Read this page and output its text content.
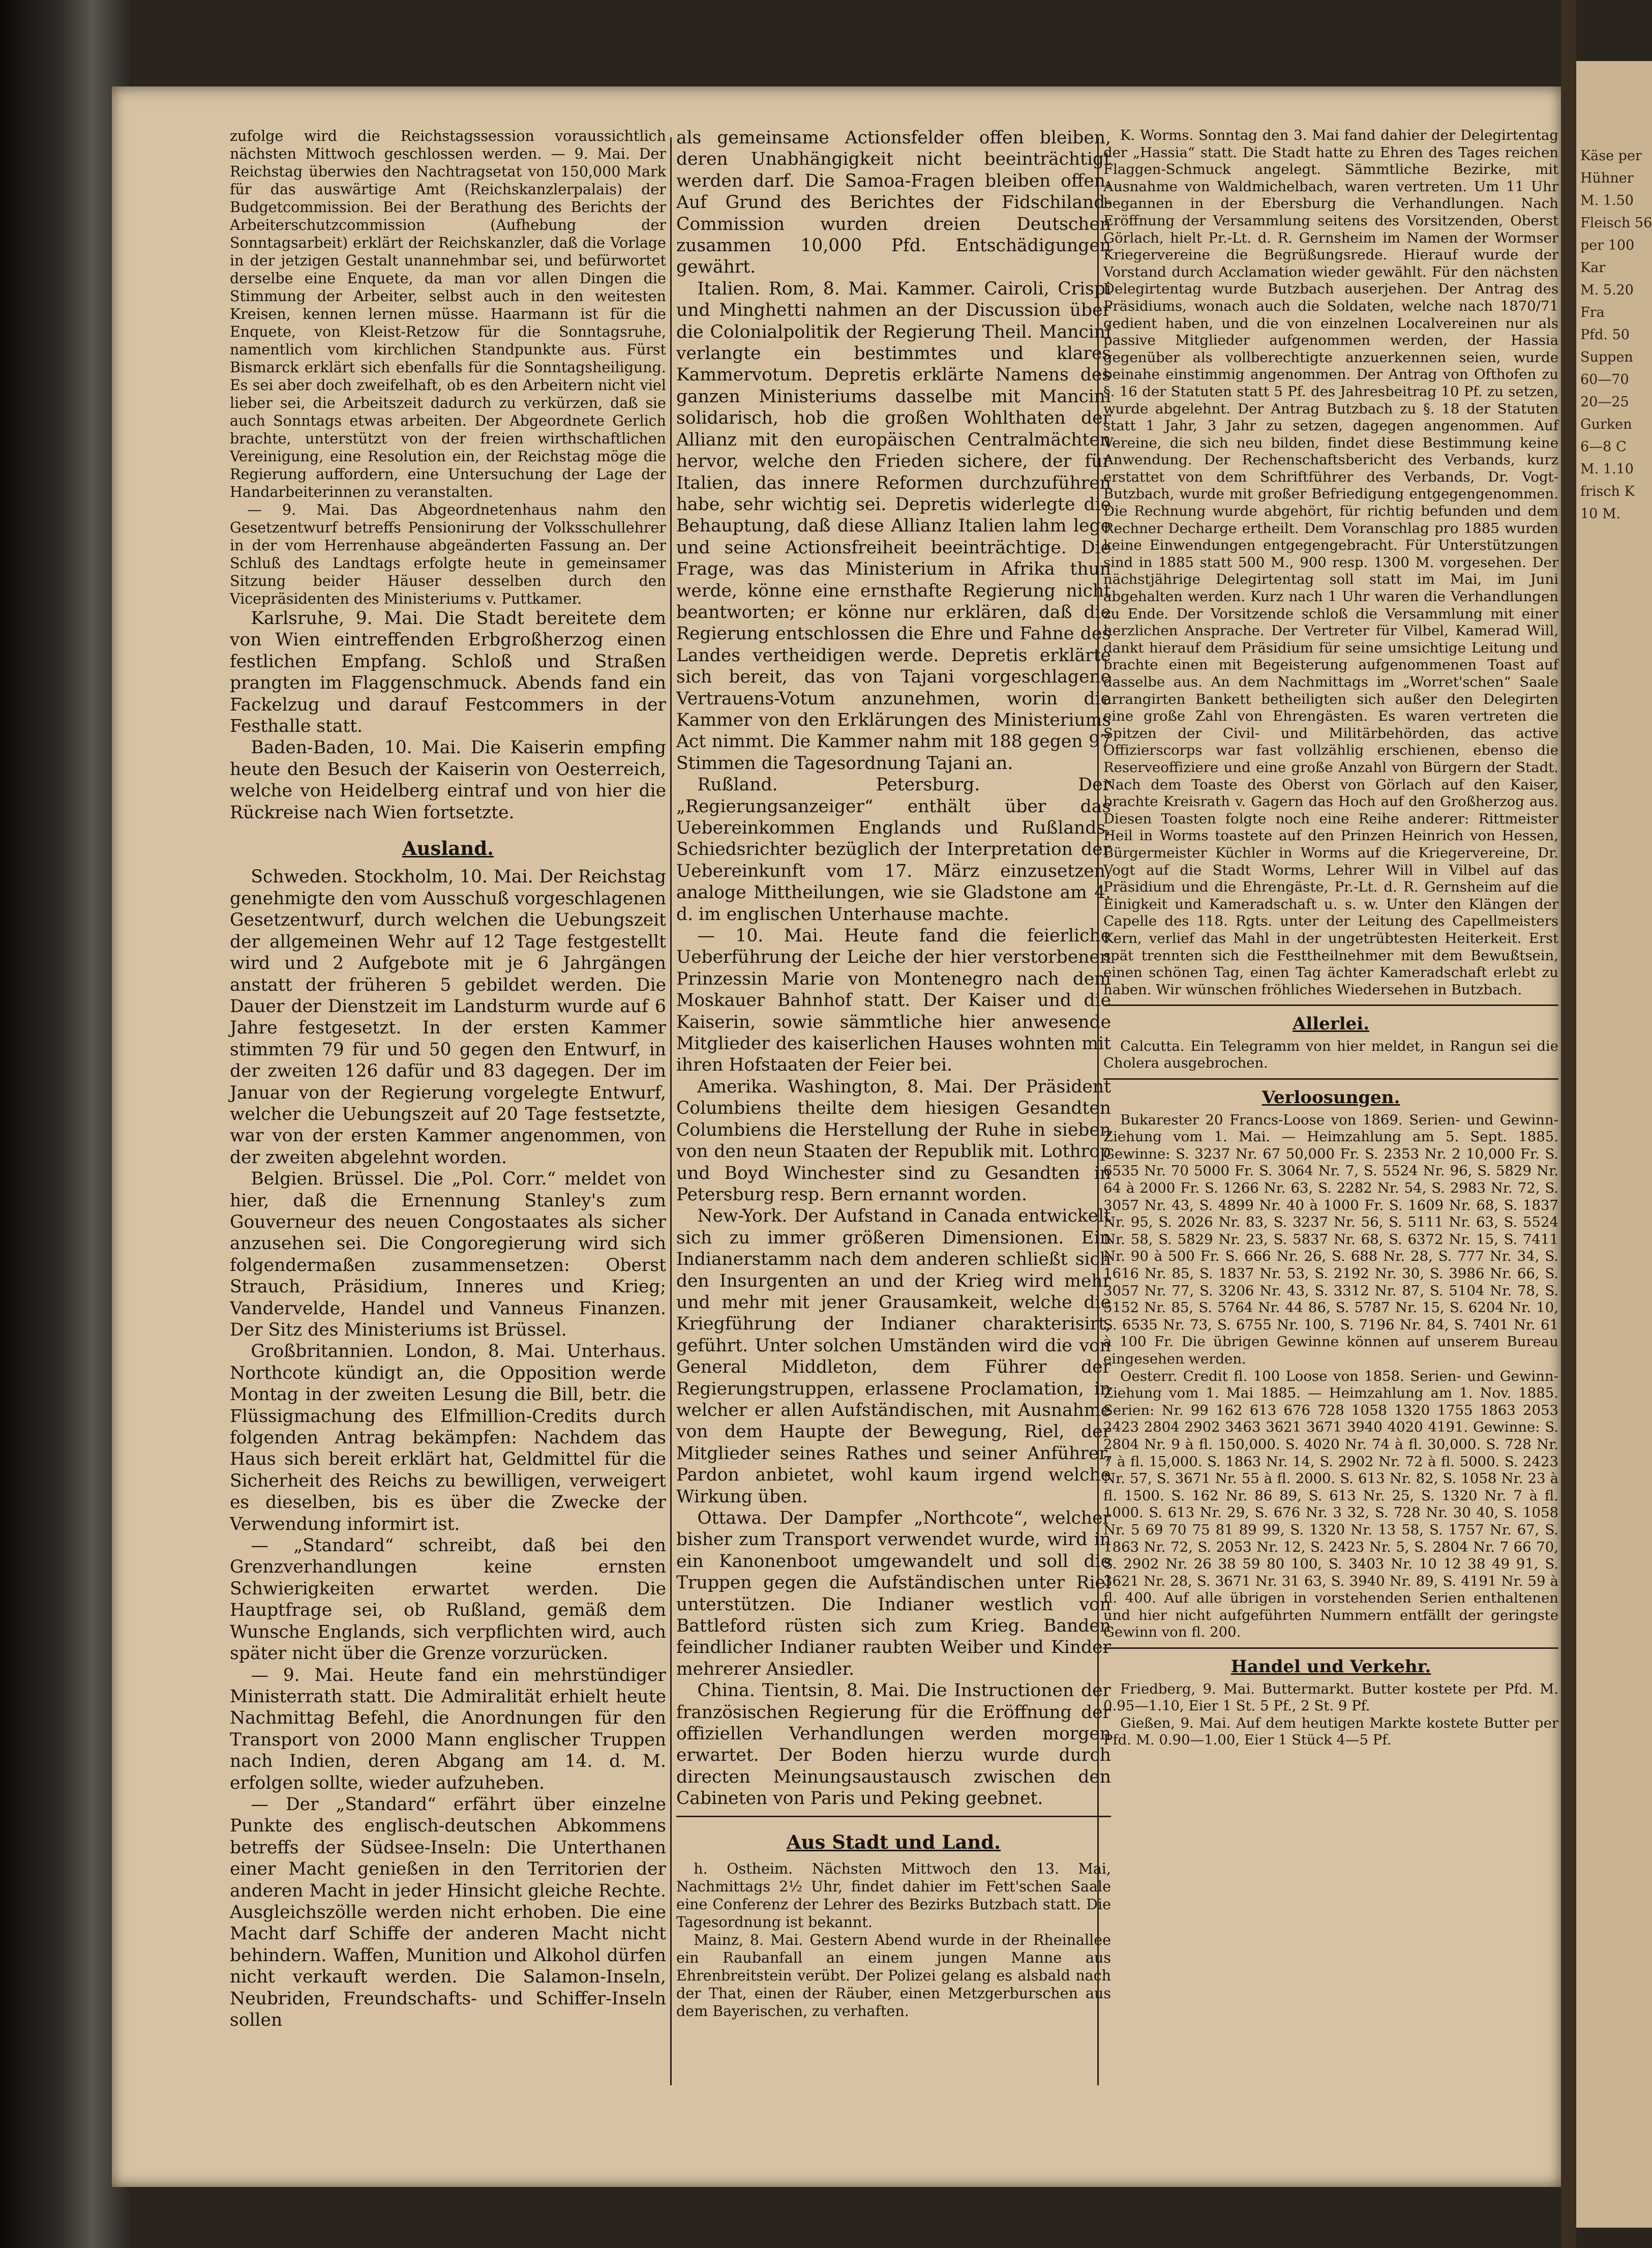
zufolge wird die Reichstagssession voraussichtlich nächsten Mittwoch geschlossen werden. — 9. Mai. Der Reichstag überwies den Nachtragsetat von 150,000 Mark für das auswärtige Amt (Reichskanzlerpalais) der Budgetcommission. Bei der Berathung des Berichts der Arbeiterschutzcommission (Aufhebung der Sonntagsarbeit) erklärt der Reichskanzler, daß die Vorlage in der jetzigen Gestalt unannehmbar sei, und befürwortet derselbe eine Enquete, da man vor allen Dingen die Stimmung der Arbeiter, selbst auch in den weitesten Kreisen, kennen lernen müsse. Haarmann ist für die Enquete, von Kleist-Retzow für die Sonntagsruhe, namentlich vom kirchlichen Standpunkte aus. Fürst Bismarck erklärt sich ebenfalls für die Sonntagsheiligung. Es sei aber doch zweifelhaft, ob es den Arbeitern nicht viel lieber sei, die Arbeitszeit dadurch zu verkürzen, daß sie auch Sonntags etwas arbeiten. Der Abgeordnete Gerlich brachte, unterstützt von der freien wirthschaftlichen Vereinigung, eine Resolution ein, der Reichstag möge die Regierung auffordern, eine Untersuchung der Lage der Handarbeiterinnen zu veranstalten.

— 9. Mai. Das Abgeordnetenhaus nahm den Gesetzentwurf betreffs Pensionirung der Volksschullehrer in der vom Herrenhause abgeänderten Fassung an. Der Schluß des Landtags erfolgte heute in gemeinsamer Sitzung beider Häuser desselben durch den Vicepräsidenten des Ministeriums v. Puttkamer.

Karlsruhe, 9. Mai. Die Stadt bereitete dem von Wien eintreffenden Erbgroßherzog einen festlichen Empfang. Schloß und Straßen prangten im Flaggenschmuck. Abends fand ein Fackelzug und darauf Festcommers in der Festhalle statt.

Baden-Baden, 10. Mai. Die Kaiserin empfing heute den Besuch der Kaiserin von Oesterreich, welche von Heidelberg eintraf und von hier die Rückreise nach Wien fortsetzte.

Ausland.

Schweden. Stockholm, 10. Mai. Der Reichstag genehmigte den vom Ausschuß vorgeschlagenen Gesetzentwurf, durch welchen die Uebungszeit der allgemeinen Wehr auf 12 Tage festgestellt wird und 2 Aufgebote mit je 6 Jahrgängen anstatt der früheren 5 gebildet werden. Die Dauer der Dienstzeit im Landsturm wurde auf 6 Jahre festgesetzt. In der ersten Kammer stimmten 79 für und 50 gegen den Entwurf, in der zweiten 126 dafür und 83 dagegen. Der im Januar von der Regierung vorgelegte Entwurf, welcher die Uebungszeit auf 20 Tage festsetzte, war von der ersten Kammer angenommen, von der zweiten abgelehnt worden.

Belgien. Brüssel. Die „Pol. Corr.“ meldet von hier, daß die Ernennung Stanley's zum Gouverneur des neuen Congostaates als sicher anzusehen sei. Die Congoregierung wird sich folgendermaßen zusammensetzen: Oberst Strauch, Präsidium, Inneres und Krieg; Vandervelde, Handel und Vanneus Finanzen. Der Sitz des Ministeriums ist Brüssel.

Großbritannien. London, 8. Mai. Unterhaus. Northcote kündigt an, die Opposition werde Montag in der zweiten Lesung die Bill, betr. die Flüssigmachung des Elfmillion-Credits durch folgenden Antrag bekämpfen: Nachdem das Haus sich bereit erklärt hat, Geldmittel für die Sicherheit des Reichs zu bewilligen, verweigert es dieselben, bis es über die Zwecke der Verwendung informirt ist.

— „Standard“ schreibt, daß bei den Grenzverhandlungen keine ernsten Schwierigkeiten erwartet werden. Die Hauptfrage sei, ob Rußland, gemäß dem Wunsche Englands, sich verpflichten wird, auch später nicht über die Grenze vorzurücken.

— 9. Mai. Heute fand ein mehrstündiger Ministerrath statt. Die Admiralität erhielt heute Nachmittag Befehl, die Anordnungen für den Transport von 2000 Mann englischer Truppen nach Indien, deren Abgang am 14. d. M. erfolgen sollte, wieder aufzuheben.

— Der „Standard“ erfährt über einzelne Punkte des englisch-deutschen Abkommens betreffs der Südsee-Inseln: Die Unterthanen einer Macht genießen in den Territorien der anderen Macht in jeder Hinsicht gleiche Rechte. Ausgleichszölle werden nicht erhoben. Die eine Macht darf Schiffe der anderen Macht nicht behindern. Waffen, Munition und Alkohol dürfen nicht verkauft werden. Die Salamon-Inseln, Neubriden, Freundschafts- und Schiffer-Inseln sollen

als gemeinsame Actionsfelder offen bleiben, deren Unabhängigkeit nicht beeinträchtigt werden darf. Die Samoa-Fragen bleiben offen. Auf Grund des Berichtes der Fidschiland-Commission wurden dreien Deutschen zusammen 10,000 Pfd. Entschädigungen gewährt.

Italien. Rom, 8. Mai. Kammer. Cairoli, Crispi und Minghetti nahmen an der Discussion über die Colonialpolitik der Regierung Theil. Mancini verlangte ein bestimmtes und klares Kammervotum. Depretis erklärte Namens des ganzen Ministeriums dasselbe mit Mancini solidarisch, hob die großen Wohlthaten der Allianz mit den europäischen Centralmächten hervor, welche den Frieden sichere, der für Italien, das innere Reformen durchzuführen habe, sehr wichtig sei. Depretis widerlegte die Behauptung, daß diese Allianz Italien lahm lege und seine Actionsfreiheit beeinträchtige. Die Frage, was das Ministerium in Afrika thun werde, könne eine ernsthafte Regierung nicht beantworten; er könne nur erklären, daß die Regierung entschlossen die Ehre und Fahne des Landes vertheidigen werde. Depretis erklärte sich bereit, das von Tajani vorgeschlagene Vertrauens-Votum anzunehmen, worin die Kammer von den Erklärungen des Ministeriums Act nimmt. Die Kammer nahm mit 188 gegen 97 Stimmen die Tagesordnung Tajani an.

Rußland. Petersburg. Der „Regierungsanzeiger“ enthält über das Uebereinkommen Englands und Rußlands, Schiedsrichter bezüglich der Interpretation der Uebereinkunft vom 17. März einzusetzen, analoge Mittheilungen, wie sie Gladstone am 4. d. im englischen Unterhause machte.

— 10. Mai. Heute fand die feierliche Ueberführung der Leiche der hier verstorbenen Prinzessin Marie von Montenegro nach dem Moskauer Bahnhof statt. Der Kaiser und die Kaiserin, sowie sämmtliche hier anwesende Mitglieder des kaiserlichen Hauses wohnten mit ihren Hofstaaten der Feier bei.

Amerika. Washington, 8. Mai. Der Präsident Columbiens theilte dem hiesigen Gesandten Columbiens die Herstellung der Ruhe in sieben von den neun Staaten der Republik mit. Lothrop und Boyd Winchester sind zu Gesandten in Petersburg resp. Bern ernannt worden.

New-York. Der Aufstand in Canada entwickelt sich zu immer größeren Dimensionen. Ein Indianerstamm nach dem anderen schließt sich den Insurgenten an und der Krieg wird mehr und mehr mit jener Grausamkeit, welche die Kriegführung der Indianer charakterisirt, geführt. Unter solchen Umständen wird die von General Middleton, dem Führer der Regierungstruppen, erlassene Proclamation, in welcher er allen Aufständischen, mit Ausnahme von dem Haupte der Bewegung, Riel, der Mitglieder seines Rathes und seiner Anführer, Pardon anbietet, wohl kaum irgend welche Wirkung üben.

Ottawa. Der Dampfer „Northcote“, welcher bisher zum Transport verwendet wurde, wird in ein Kanonenboot umgewandelt und soll die Truppen gegen die Aufständischen unter Riel unterstützen. Die Indianer westlich von Battleford rüsten sich zum Krieg. Banden feindlicher Indianer raubten Weiber und Kinder mehrerer Ansiedler.

China. Tientsin, 8. Mai. Die Instructionen der französischen Regierung für die Eröffnung der offiziellen Verhandlungen werden morgen erwartet. Der Boden hierzu wurde durch directen Meinungsaustausch zwischen den Cabineten von Paris und Peking geebnet.

Aus Stadt und Land.

h. Ostheim. Nächsten Mittwoch den 13. Mai, Nachmittags 2½ Uhr, findet dahier im Fett'schen Saale eine Conferenz der Lehrer des Bezirks Butzbach statt. Die Tagesordnung ist bekannt.

Mainz, 8. Mai. Gestern Abend wurde in der Rheinallee ein Raubanfall an einem jungen Manne aus Ehrenbreitstein verübt. Der Polizei gelang es alsbald nach der That, einen der Räuber, einen Metzgerburschen aus dem Bayerischen, zu verhaften.

K. Worms. Sonntag den 3. Mai fand dahier der Delegirtentag der „Hassia“ statt. Die Stadt hatte zu Ehren des Tages reichen Flaggen-Schmuck angelegt. Sämmtliche Bezirke, mit Ausnahme von Waldmichelbach, waren vertreten. Um 11 Uhr begannen in der Ebersburg die Verhandlungen. Nach Eröffnung der Versammlung seitens des Vorsitzenden, Oberst Görlach, hielt Pr.-Lt. d. R. Gernsheim im Namen der Wormser Kriegervereine die Begrüßungsrede. Hierauf wurde der Vorstand durch Acclamation wieder gewählt. Für den nächsten Delegirtentag wurde Butzbach auserjehen. Der Antrag des Präsidiums, wonach auch die Soldaten, welche nach 1870/71 gedient haben, und die von einzelnen Localvereinen nur als passive Mitglieder aufgenommen werden, der Hassia gegenüber als vollberechtigte anzuerkennen seien, wurde beinahe einstimmig angenommen. Der Antrag von Ofthofen zu §. 16 der Statuten statt 5 Pf. des Jahresbeitrag 10 Pf. zu setzen, wurde abgelehnt. Der Antrag Butzbach zu §. 18 der Statuten statt 1 Jahr, 3 Jahr zu setzen, dagegen angenommen. Auf Vereine, die sich neu bilden, findet diese Bestimmung keine Anwendung. Der Rechenschaftsbericht des Verbands, kurz erstattet von dem Schriftführer des Verbands, Dr. Vogt-Butzbach, wurde mit großer Befriedigung entgegengenommen. Die Rechnung wurde abgehört, für richtig befunden und dem Rechner Decharge ertheilt. Dem Voranschlag pro 1885 wurden keine Einwendungen entgegengebracht. Für Unterstützungen sind in 1885 statt 500 M., 900 resp. 1300 M. vorgesehen. Der nächstjährige Delegirtentag soll statt im Mai, im Juni abgehalten werden. Kurz nach 1 Uhr waren die Verhandlungen zu Ende. Der Vorsitzende schloß die Versammlung mit einer herzlichen Ansprache. Der Vertreter für Vilbel, Kamerad Will, dankt hierauf dem Präsidium für seine umsichtige Leitung und brachte einen mit Begeisterung aufgenommenen Toast auf dasselbe aus. An dem Nachmittags im „Worret'schen“ Saale arrangirten Bankett betheiligten sich außer den Delegirten eine große Zahl von Ehrengästen. Es waren vertreten die Spitzen der Civil- und Militärbehörden, das active Offizierscorps war fast vollzählig erschienen, ebenso die Reserveoffiziere und eine große Anzahl von Bürgern der Stadt. Nach dem Toaste des Oberst von Görlach auf den Kaiser, brachte Kreisrath v. Gagern das Hoch auf den Großherzog aus. Diesen Toasten folgte noch eine Reihe anderer: Rittmeister Heil in Worms toastete auf den Prinzen Heinrich von Hessen, Bürgermeister Küchler in Worms auf die Kriegervereine, Dr. Vogt auf die Stadt Worms, Lehrer Will in Vilbel auf das Präsidium und die Ehrengäste, Pr.-Lt. d. R. Gernsheim auf die Einigkeit und Kameradschaft u. s. w. Unter den Klängen der Capelle des 118. Rgts. unter der Leitung des Capellmeisters Kern, verlief das Mahl in der ungetrübtesten Heiterkeit. Erst spät trennten sich die Festtheilnehmer mit dem Bewußtsein, einen schönen Tag, einen Tag ächter Kameradschaft erlebt zu haben. Wir wünschen fröhliches Wiedersehen in Butzbach.

Allerlei.

Calcutta. Ein Telegramm von hier meldet, in Rangun sei die Cholera ausgebrochen.

Verloosungen.

Bukarester 20 Francs-Loose von 1869. Serien- und Gewinn-Ziehung vom 1. Mai. — Heimzahlung am 5. Sept. 1885. Gewinne: S. 3237 Nr. 67 50,000 Fr. S. 2353 Nr. 2 10,000 Fr. S. 6535 Nr. 70 5000 Fr. S. 3064 Nr. 7, S. 5524 Nr. 96, S. 5829 Nr. 64 à 2000 Fr. S. 1266 Nr. 63, S. 2282 Nr. 54, S. 2983 Nr. 72, S. 3057 Nr. 43, S. 4899 Nr. 40 à 1000 Fr. S. 1609 Nr. 68, S. 1837 Nr. 95, S. 2026 Nr. 83, S. 3237 Nr. 56, S. 5111 Nr. 63, S. 5524 Nr. 58, S. 5829 Nr. 23, S. 5837 Nr. 68, S. 6372 Nr. 15, S. 7411 Nr. 90 à 500 Fr. S. 666 Nr. 26, S. 688 Nr. 28, S. 777 Nr. 34, S. 1616 Nr. 85, S. 1837 Nr. 53, S. 2192 Nr. 30, S. 3986 Nr. 66, S. 3057 Nr. 77, S. 3206 Nr. 43, S. 3312 Nr. 87, S. 5104 Nr. 78, S. 5152 Nr. 85, S. 5764 Nr. 44 86, S. 5787 Nr. 15, S. 6204 Nr. 10, S. 6535 Nr. 73, S. 6755 Nr. 100, S. 7196 Nr. 84, S. 7401 Nr. 61 à 100 Fr. Die übrigen Gewinne können auf unserem Bureau eingesehen werden.

Oesterr. Credit fl. 100 Loose von 1858. Serien- und Gewinn-Ziehung vom 1. Mai 1885. — Heimzahlung am 1. Nov. 1885. Serien: Nr. 99 162 613 676 728 1058 1320 1755 1863 2053 2423 2804 2902 3463 3621 3671 3940 4020 4191. Gewinne: S. 2804 Nr. 9 à fl. 150,000. S. 4020 Nr. 74 à fl. 30,000. S. 728 Nr. 7 à fl. 15,000. S. 1863 Nr. 14, S. 2902 Nr. 72 à fl. 5000. S. 2423 Nr. 57, S. 3671 Nr. 55 à fl. 2000. S. 613 Nr. 82, S. 1058 Nr. 23 à fl. 1500. S. 162 Nr. 86 89, S. 613 Nr. 25, S. 1320 Nr. 7 à fl. 1000. S. 613 Nr. 29, S. 676 Nr. 3 32, S. 728 Nr. 30 40, S. 1058 Nr. 5 69 70 75 81 89 99, S. 1320 Nr. 13 58, S. 1757 Nr. 67, S. 1863 Nr. 72, S. 2053 Nr. 12, S. 2423 Nr. 5, S. 2804 Nr. 7 66 70, S. 2902 Nr. 26 38 59 80 100, S. 3403 Nr. 10 12 38 49 91, S. 3621 Nr. 28, S. 3671 Nr. 31 63, S. 3940 Nr. 89, S. 4191 Nr. 59 à fl. 400. Auf alle übrigen in vorstehenden Serien enthaltenen und hier nicht aufgeführten Nummern entfällt der geringste Gewinn von fl. 200.

Handel und Verkehr.

Friedberg, 9. Mai. Buttermarkt. Butter kostete per Pfd. M. 0.95—1.10, Eier 1 St. 5 Pf., 2 St. 9 Pf.

Gießen, 9. Mai. Auf dem heutigen Markte kostete Butter per Pfd. M. 0.90—1.00, Eier 1 Stück 4—5 Pf.

Käse per
Hühner
M. 1.50
Fleisch 56
per 100
Kar
M. 5.20
Fra
Pfd. 50
Suppen
60—70
20—25
Gurken
6—8 C
M. 1.10
frisch K
10 M.
